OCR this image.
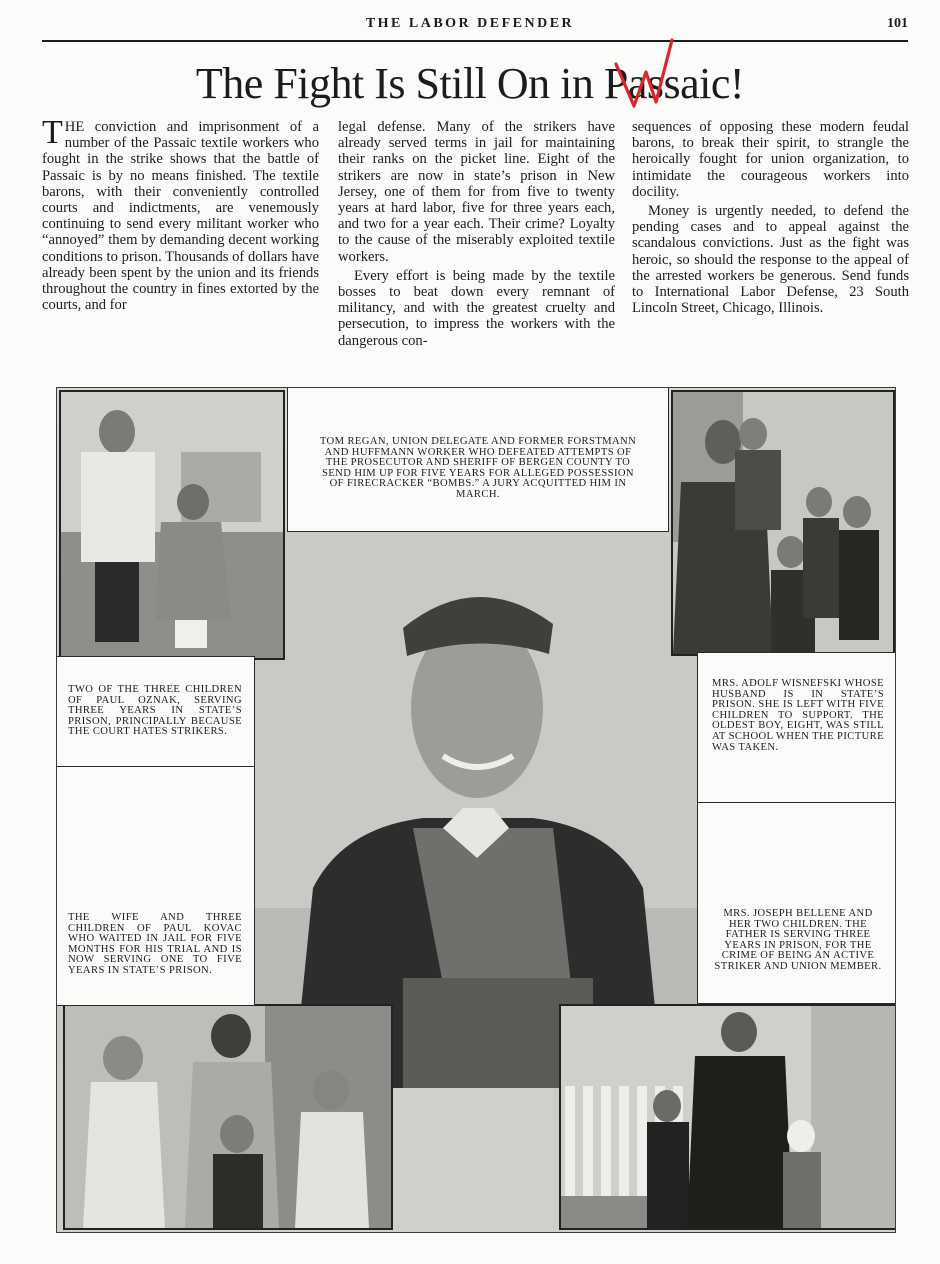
THE LABOR DEFENDER	101
The Fight Is Still On in Passaic!

THE conviction and imprisonment of a number of the Passaic textile workers who fought in the strike shows that the battle of Passaic is by no means finished. The textile barons, with their conveniently controlled courts and indictments, are venemously continuing to send every militant worker who “annoyed” them by demanding decent working conditions to prison. Thousands of dollars have already been spent by the union and its friends throughout the country in fines extorted by the courts, and for

legal defense. Many of the strikers have already served terms in jail for maintaining their ranks on the picket line. Eight of the strikers are now in state’s prison in New Jersey, one of them for from five to twenty years at hard labor, five for three years each, and two for a year each. Their crime? Loyalty to the cause of the miserably exploited textile workers.

Every effort is being made by the textile bosses to beat down every remnant of militancy, and with the greatest cruelty and persecution, to impress the workers with the dangerous con-

sequences of opposing these modern feudal barons, to break their spirit, to strangle the heroically fought for union organization, to intimidate the courageous workers into docility.

Money is urgently needed, to defend the pending cases and to appeal against the scandalous convictions. Just as the fight was heroic, so should the response to the appeal of the arrested workers be generous. Send funds to International Labor Defense, 23 South Lincoln Street, Chicago, Illinois.

TOM REGAN, UNION DELEGATE AND FORMER FORSTMANN AND HUFFMANN WORKER WHO DEFEATED ATTEMPTS OF THE PROSECUTOR AND SHERIFF OF BERGEN COUNTY TO SEND HIM UP FOR FIVE YEARS FOR ALLEGED POSSESSION OF FIRECRACKER “BOMBS.” A JURY ACQUITTED HIM IN MARCH.
TWO OF THE THREE CHILDREN OF PAUL OZNAK, SERVING THREE YEARS IN STATE’S PRISON, PRINCIPALLY BECAUSE THE COURT HATES STRIKERS.
THE WIFE AND THREE CHILDREN OF PAUL KOVAC WHO WAITED IN JAIL FOR FIVE MONTHS FOR HIS TRIAL AND IS NOW SERVING ONE TO FIVE YEARS IN STATE’S PRISON.
MRS. ADOLF WISNEFSKI WHOSE HUSBAND IS IN STATE’S PRISON. SHE IS LEFT WITH FIVE CHILDREN TO SUPPORT. THE OLDEST BOY, EIGHT, WAS STILL AT SCHOOL WHEN THE PICTURE WAS TAKEN.
MRS. JOSEPH BELLENE AND HER TWO CHILDREN. THE FATHER IS SERVING THREE YEARS IN PRISON, FOR THE CRIME OF BEING AN ACTIVE STRIKER AND UNION MEMBER.
